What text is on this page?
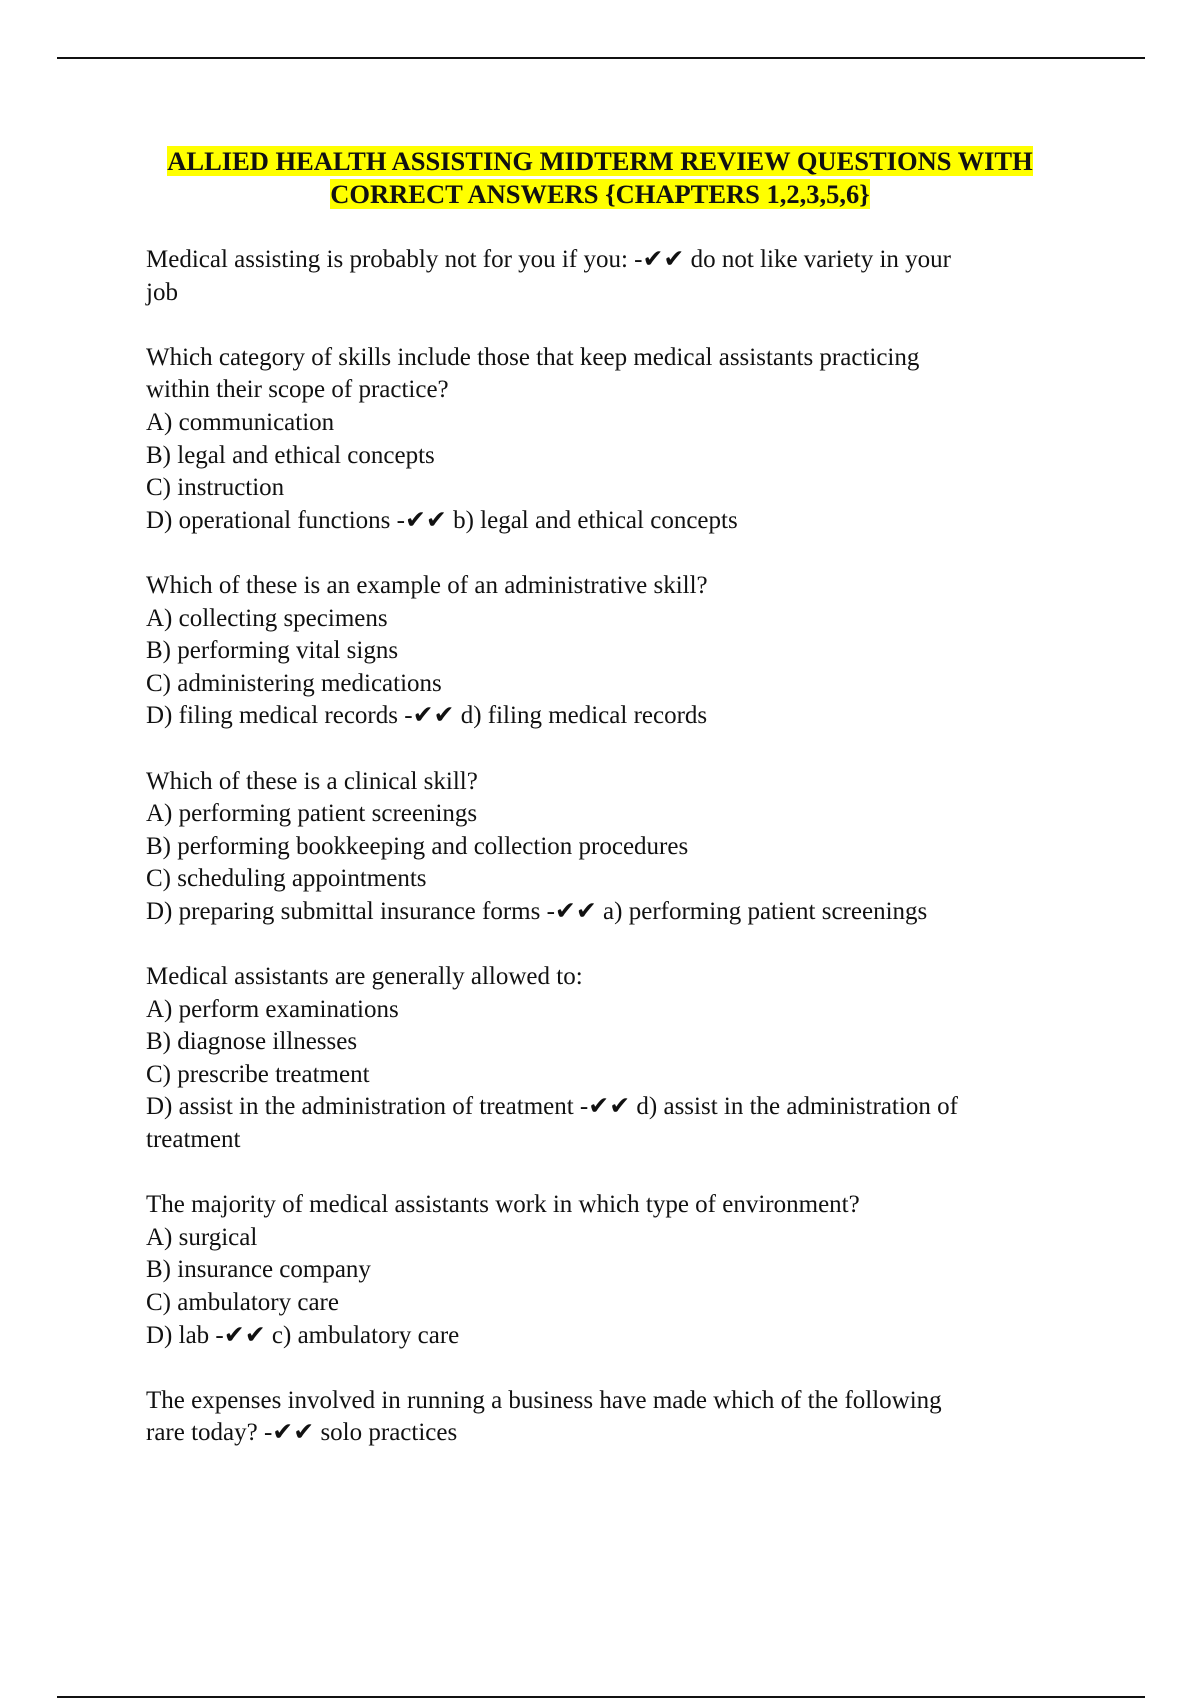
ALLIED HEALTH ASSISTING MIDTERM REVIEW QUESTIONS WITH
CORRECT ANSWERS {CHAPTERS 1,2,3,5,6}
Medical assisting is probably not for you if you: -✔✔ do not like variety in your
job
Which category of skills include those that keep medical assistants practicing
within their scope of practice?
A) communication
B) legal and ethical concepts
C) instruction
D) operational functions -✔✔ b) legal and ethical concepts
Which of these is an example of an administrative skill?
A) collecting specimens
B) performing vital signs
C) administering medications
D) filing medical records -✔✔ d) filing medical records
Which of these is a clinical skill?
A) performing patient screenings
B) performing bookkeeping and collection procedures
C) scheduling appointments
D) preparing submittal insurance forms -✔✔ a) performing patient screenings
Medical assistants are generally allowed to:
A) perform examinations
B) diagnose illnesses
C) prescribe treatment
D) assist in the administration of treatment -✔✔ d) assist in the administration of
treatment
The majority of medical assistants work in which type of environment?
A) surgical
B) insurance company
C) ambulatory care
D) lab -✔✔ c) ambulatory care
The expenses involved in running a business have made which of the following
rare today? -✔✔ solo practices
